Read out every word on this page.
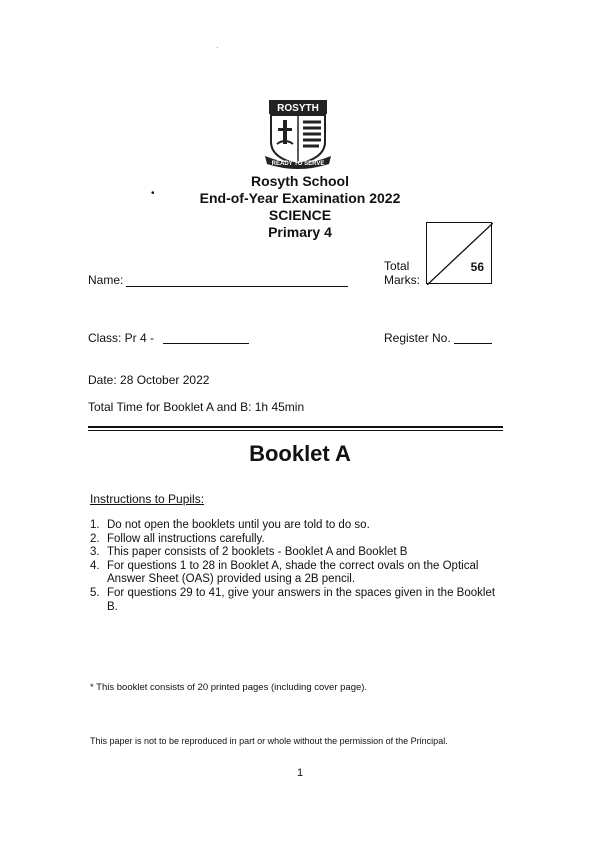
·
•
ROSYTH
READY TO SERVE
Rosyth School
End-of-Year Examination 2022
SCIENCE
Primary 4
Name:
Total
Marks:
56
Class: Pr 4 -	Register No.
Date: 28 October 2022
Total Time for Booklet A and B: 1h 45min
Booklet A
Instructions to Pupils:
1. Do not open the booklets until you are told to do so.
2. Follow all instructions carefully.
3. This paper consists of 2 booklets - Booklet A and Booklet B
4. For questions 1 to 28 in Booklet A, shade the correct ovals on the Optical Answer Sheet (OAS) provided using a 2B pencil.
5. For questions 29 to 41, give your answers in the spaces given in the Booklet B.
* This booklet consists of 20 printed pages (including cover page).
This paper is not to be reproduced in part or whole without the permission of the Principal.
1
